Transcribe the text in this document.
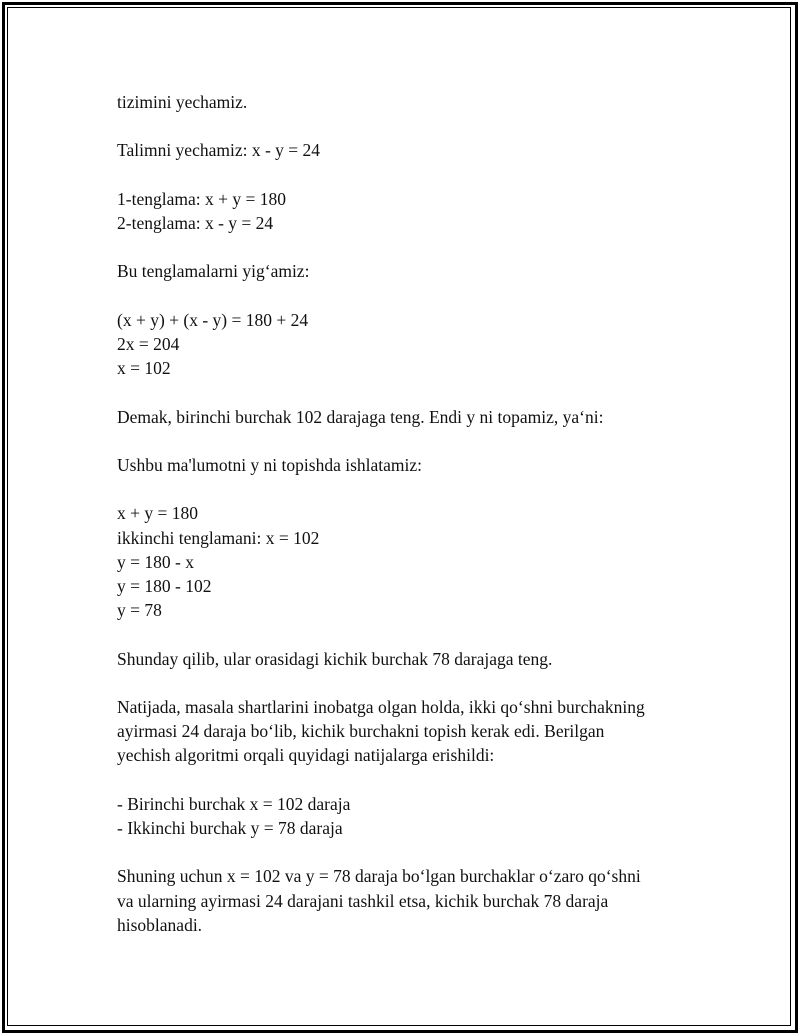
tizimini yechamiz.
Talimni yechamiz: x - y = 24
1-tenglama: x + y = 180
2-tenglama: x - y = 24
Bu tenglamalarni yig‘amiz:
(x + y) + (x - y) = 180 + 24
2x = 204
x = 102
Demak, birinchi burchak 102 darajaga teng. Endi y ni topamiz, ya‘ni:
Ushbu ma'lumotni y ni topishda ishlatamiz:
x + y = 180
ikkinchi tenglamani: x = 102
y = 180 - x
y = 180 - 102
y = 78
Shunday qilib, ular orasidagi kichik burchak 78 darajaga teng.
Natijada, masala shartlarini inobatga olgan holda, ikki qo‘shni burchakning
ayirmasi 24 daraja bo‘lib, kichik burchakni topish kerak edi. Berilgan
yechish algoritmi orqali quyidagi natijalarga erishildi:
- Birinchi burchak x = 102 daraja
- Ikkinchi burchak y = 78 daraja
Shuning uchun x = 102 va y = 78 daraja bo‘lgan burchaklar o‘zaro qo‘shni
va ularning ayirmasi 24 darajani tashkil etsa, kichik burchak 78 daraja
hisoblanadi.
